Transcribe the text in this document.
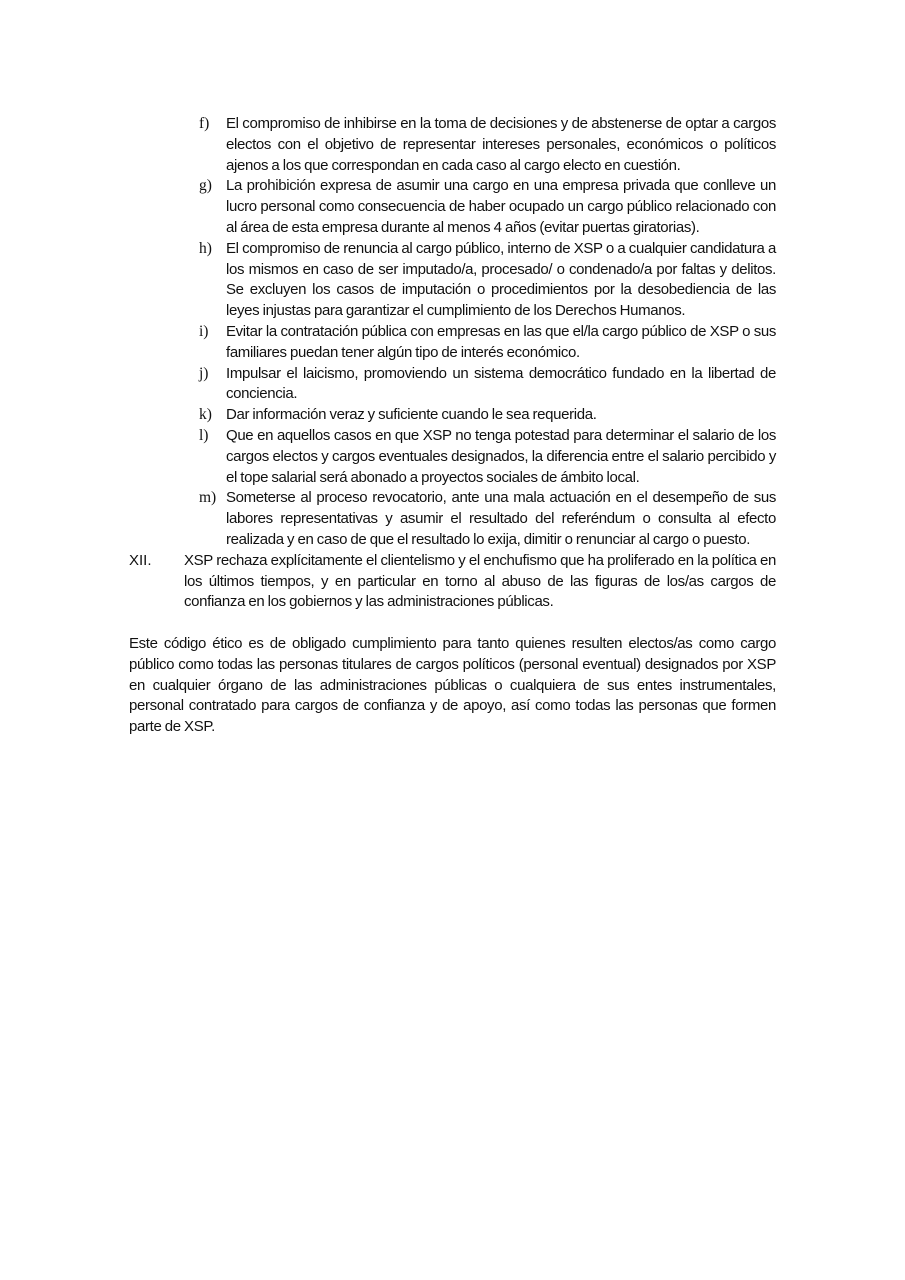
f)	El compromiso de inhibirse en la toma de decisiones y de abstenerse de optar a cargos electos con el objetivo de representar intereses personales, económicos o políticos ajenos a los que correspondan en cada caso al cargo electo en cuestión.
g) La prohibición expresa de asumir una cargo en una empresa privada que conlleve un lucro personal como consecuencia de haber ocupado un cargo público relacionado con al área de esta empresa durante al menos 4 años (evitar puertas giratorias).
h) El compromiso de renuncia al cargo público, interno de XSP o a cualquier candidatura a los mismos en caso de ser imputado/a, procesado/ o condenado/a por faltas y delitos. Se excluyen los casos de imputación o procedimientos por la desobediencia de las leyes injustas para garantizar el cumplimiento de los Derechos Humanos.
i)	Evitar la contratación pública con empresas en las que el/la cargo público de XSP o sus familiares puedan tener algún tipo de interés económico.
j)	Impulsar el laicismo, promoviendo un sistema democrático fundado en la libertad de conciencia.
k) Dar información veraz y suficiente cuando le sea requerida.
l)	Que en aquellos casos en que XSP no tenga potestad para determinar el salario de los cargos electos y cargos eventuales designados, la diferencia entre el salario percibido y el tope salarial será abonado a proyectos sociales de ámbito local.
m) Someterse al proceso revocatorio, ante una mala actuación en el desempeño de sus labores representativas y asumir el resultado del referéndum o consulta al efecto realizada y en caso de que el resultado lo exija, dimitir o renunciar al cargo o puesto.
XII.	XSP rechaza explícitamente el clientelismo y el enchufismo que ha proliferado en la política en los últimos tiempos, y en particular en torno al abuso de las figuras de los/as cargos de confianza en los gobiernos y las administraciones públicas.

Este código ético es de obligado cumplimiento para tanto quienes resulten electos/as como cargo público como todas las personas titulares de cargos políticos (personal eventual) designados por XSP en cualquier órgano de las administraciones públicas o cualquiera de sus entes instrumentales, personal contratado para cargos de confianza y de apoyo, así como todas las personas que formen parte de XSP.
